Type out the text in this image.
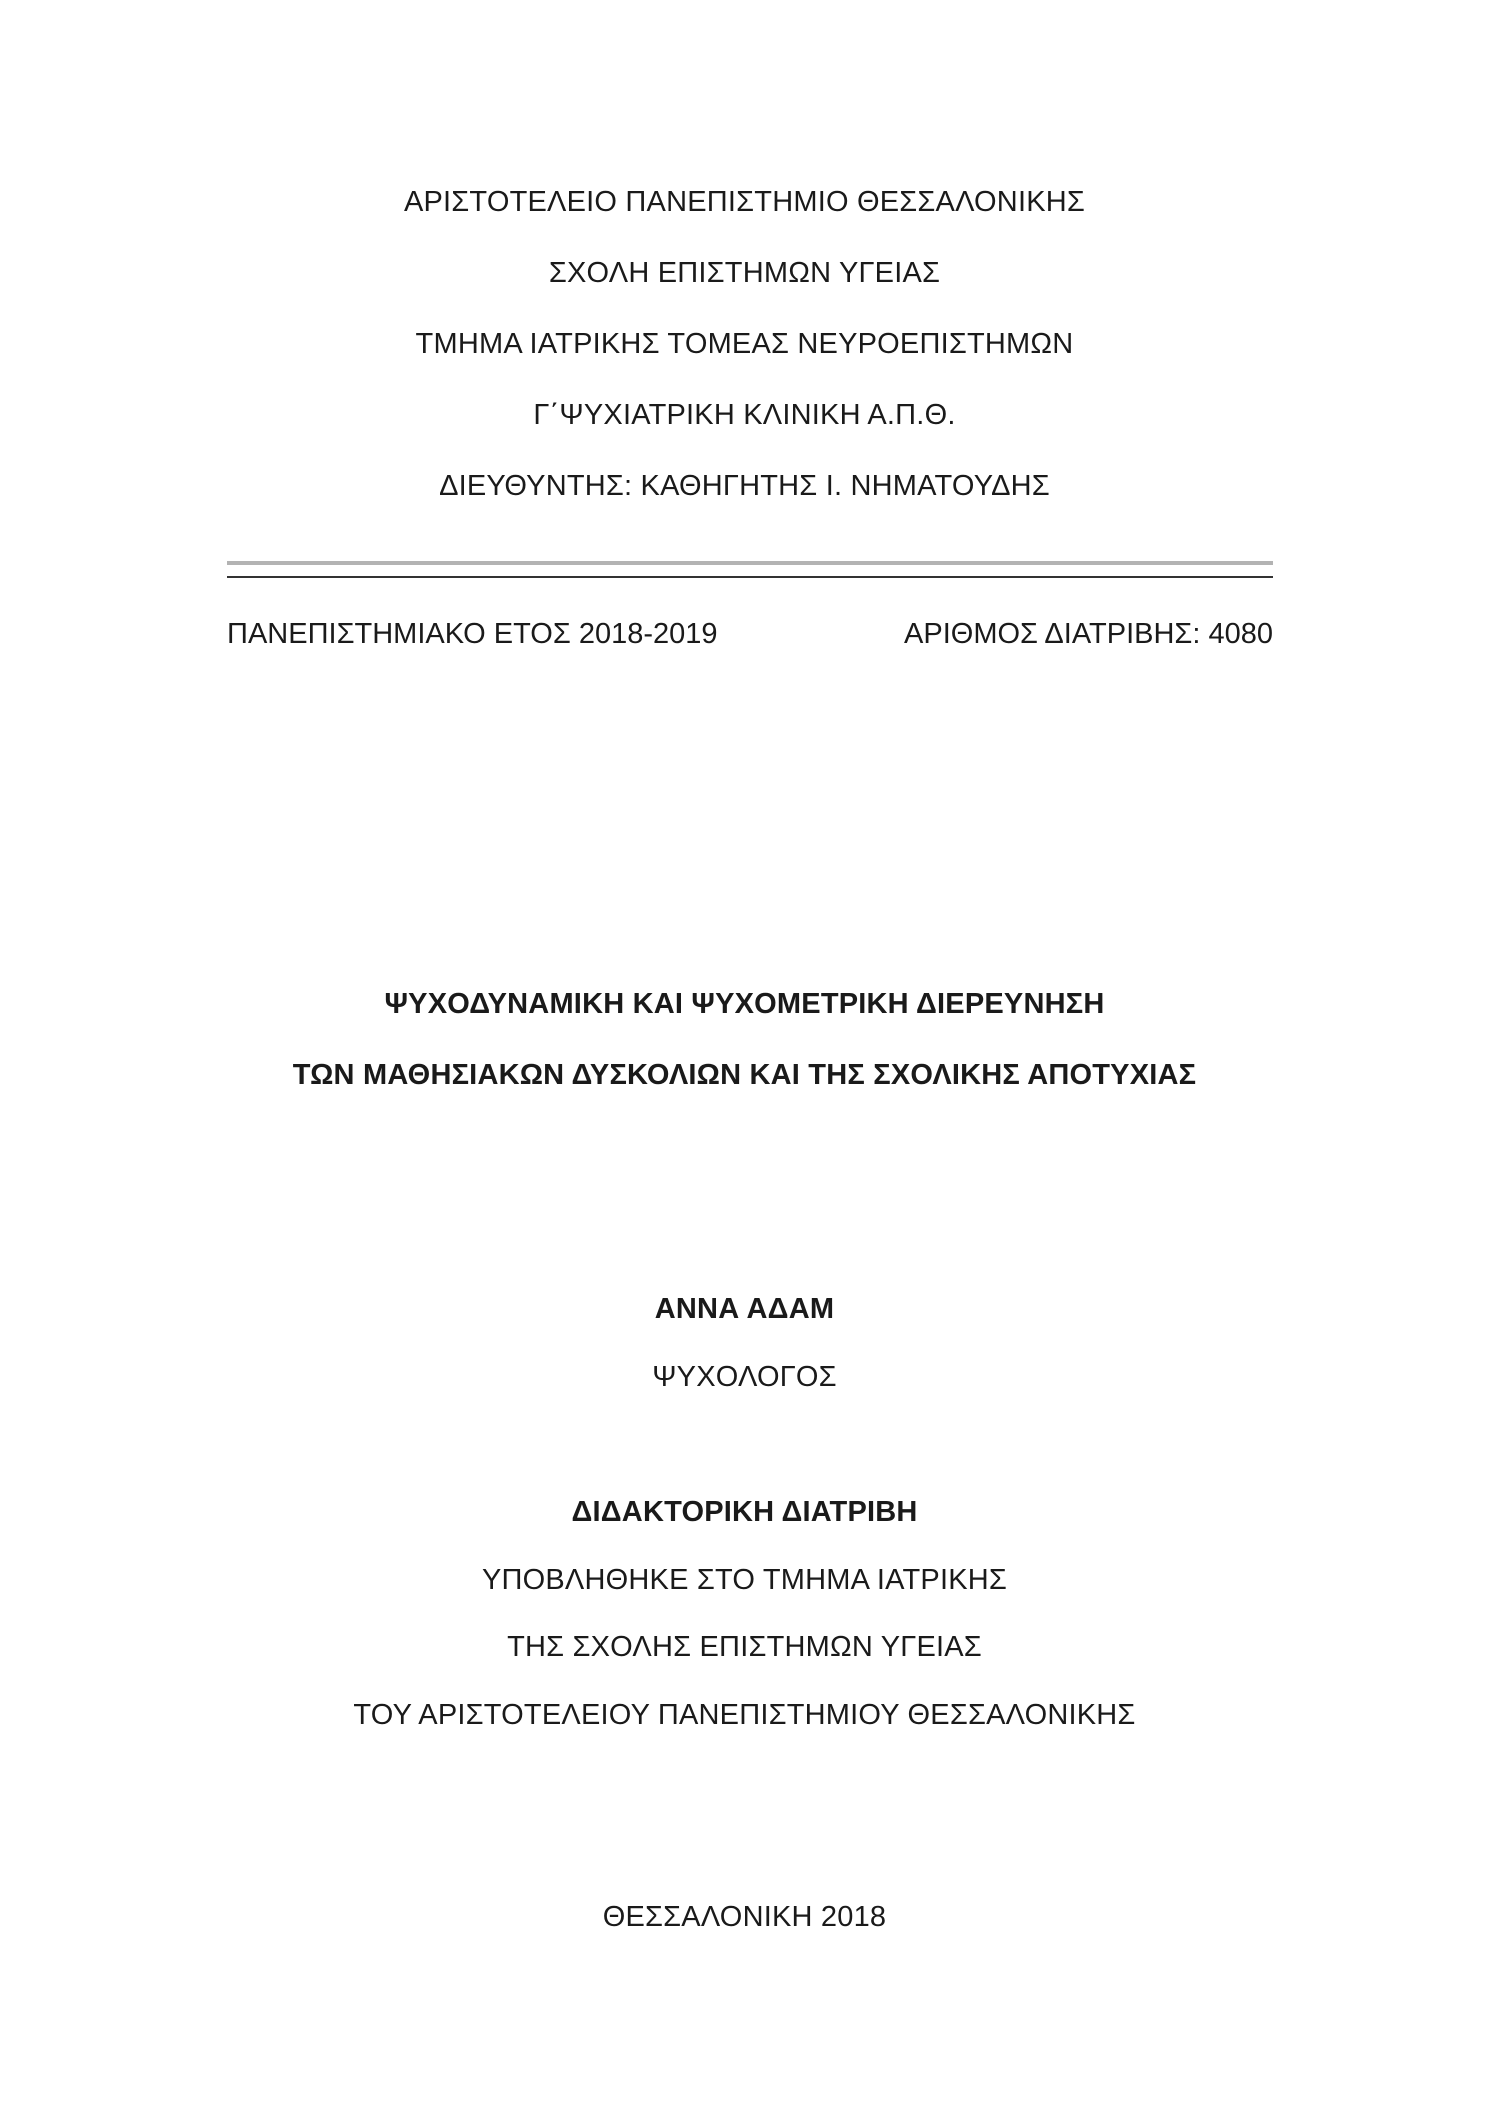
ΑΡΙΣΤΟΤΕΛΕΙΟ ΠΑΝΕΠΙΣΤΗΜΙΟ ΘΕΣΣΑΛΟΝΙΚΗΣ
ΣΧΟΛΗ ΕΠΙΣΤΗΜΩΝ ΥΓΕΙΑΣ
ΤΜΗΜΑ ΙΑΤΡΙΚΗΣ ΤΟΜΕΑΣ ΝΕΥΡΟΕΠΙΣΤΗΜΩΝ
Γ΄ΨΥΧΙΑΤΡΙΚΗ ΚΛΙΝΙΚΗ Α.Π.Θ.
ΔΙΕΥΘΥΝΤΗΣ: ΚΑΘΗΓΗΤΗΣ Ι. ΝΗΜΑΤΟΥΔΗΣ
ΠΑΝΕΠΙΣΤΗΜΙΑΚΟ ΕΤΟΣ 2018-2019	ΑΡΙΘΜΟΣ ΔΙΑΤΡΙΒΗΣ: 4080
ΨΥΧΟΔΥΝΑΜΙΚΗ ΚΑΙ ΨΥΧΟΜΕΤΡΙΚΗ ΔΙΕΡΕΥΝΗΣΗ
ΤΩΝ ΜΑΘΗΣΙΑΚΩΝ ΔΥΣΚΟΛΙΩΝ ΚΑΙ ΤΗΣ ΣΧΟΛΙΚΗΣ ΑΠΟΤΥΧΙΑΣ
ΑΝΝΑ ΑΔΑΜ
ΨΥΧΟΛΟΓΟΣ
ΔΙΔΑΚΤΟΡΙΚΗ ΔΙΑΤΡΙΒΗ
ΥΠΟΒΛΗΘΗΚΕ ΣΤΟ ΤΜΗΜΑ ΙΑΤΡΙΚΗΣ
ΤΗΣ ΣΧΟΛΗΣ ΕΠΙΣΤΗΜΩΝ ΥΓΕΙΑΣ
ΤΟΥ ΑΡΙΣΤΟΤΕΛΕΙΟΥ ΠΑΝΕΠΙΣΤΗΜΙΟΥ ΘΕΣΣΑΛΟΝΙΚΗΣ
ΘΕΣΣΑΛΟΝΙΚΗ 2018
